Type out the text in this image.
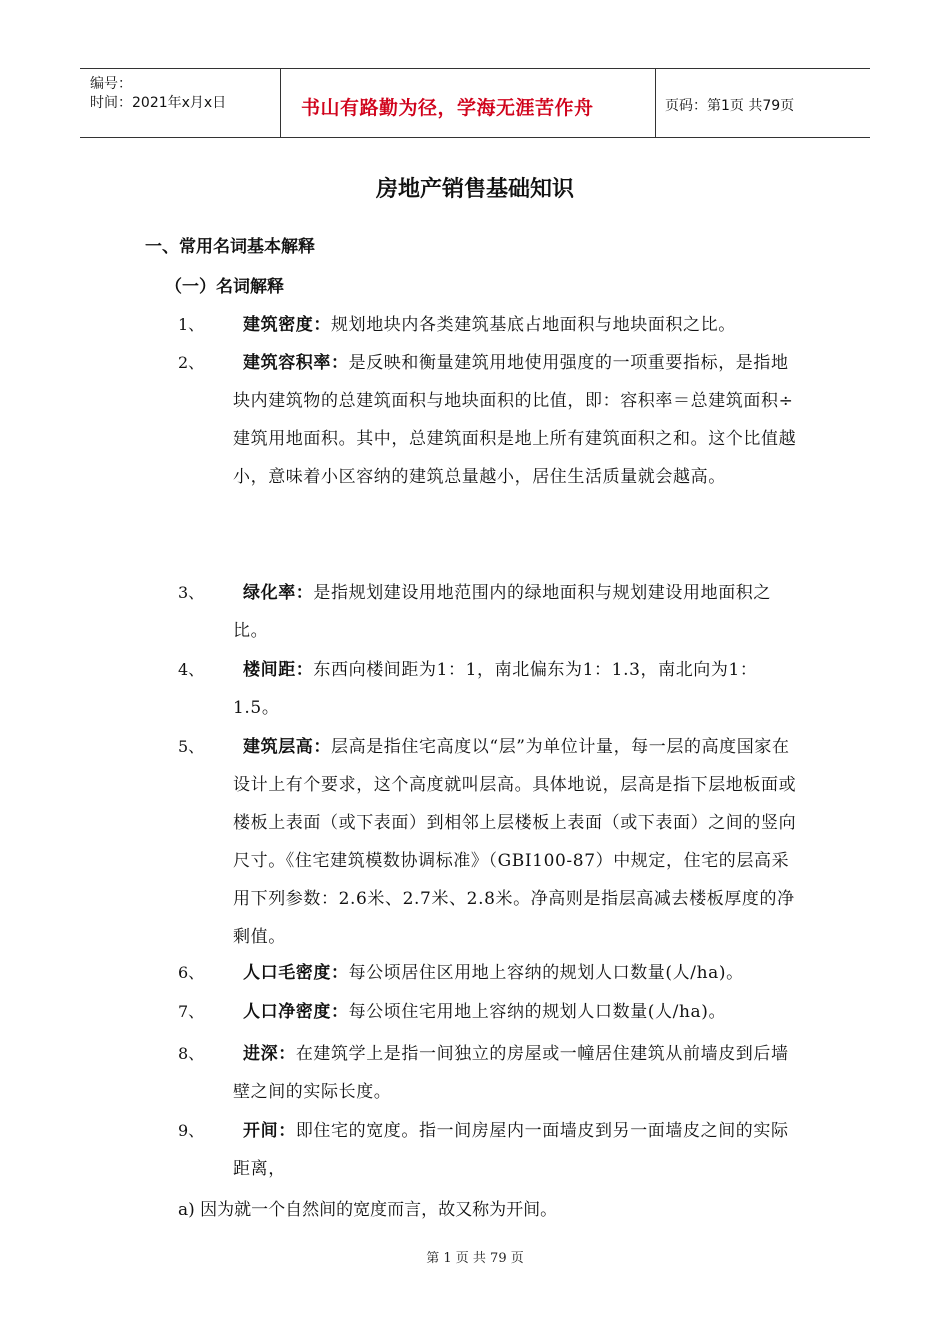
编号：
时间：2021年x月x日	书山有路勤为径，学海无涯苦作舟	页码：第1页 共79页
房地产销售基础知识
一、常用名词基本解释
（一）名词解释
1、	建筑密度：规划地块内各类建筑基底占地面积与地块面积之比。
2、	建筑容积率：是反映和衡量建筑用地使用强度的一项重要指标，是指地块内建筑物的总建筑面积与地块面积的比值，即：容积率＝总建筑面积÷建筑用地面积。其中，总建筑面积是地上所有建筑面积之和。这个比值越小，意味着小区容纳的建筑总量越小，居住生活质量就会越高。
3、	绿化率：是指规划建设用地范围内的绿地面积与规划建设用地面积之比。
4、	楼间距：东西向楼间距为1：1，南北偏东为1：1.3，南北向为1：1.5。
5、	建筑层高：层高是指住宅高度以“层”为单位计量，每一层的高度国家在设计上有个要求，这个高度就叫层高。具体地说，层高是指下层地板面或楼板上表面（或下表面）到相邻上层楼板上表面（或下表面）之间的竖向尺寸。《住宅建筑模数协调标准》（GBI100-87）中规定，住宅的层高采用下列参数：2.6米、2.7米、2.8米。净高则是指层高减去楼板厚度的净剩值。
6、	人口毛密度：每公顷居住区用地上容纳的规划人口数量(人/ha)。
7、	人口净密度：每公顷住宅用地上容纳的规划人口数量(人/ha)。
8、	进深：在建筑学上是指一间独立的房屋或一幢居住建筑从前墙皮到后墙壁之间的实际长度。
9、	开间：即住宅的宽度。指一间房屋内一面墙皮到另一面墙皮之间的实际距离，
a) 因为就一个自然间的宽度而言，故又称为开间。
第 1 页 共 79 页
